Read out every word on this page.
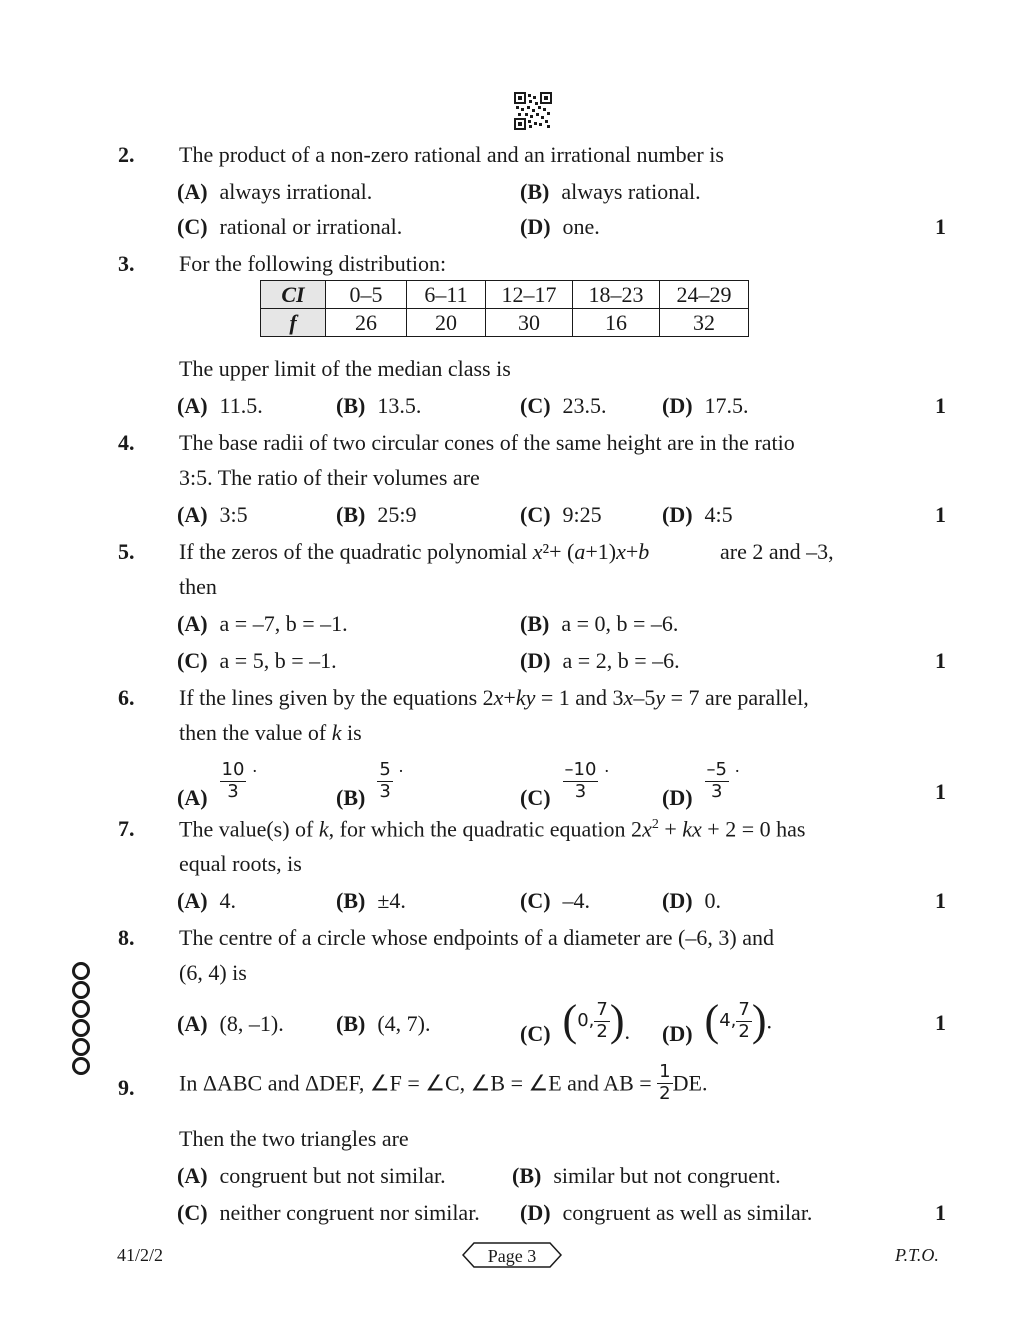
2. The product of a non-zero rational and an irrational number is
(A) always irrational.	(B) always rational.
(C) rational or irrational.	(D) one.	1
3. For the following distribution:
CI	0–5	6–11	12–17	18–23	24–29
f	26	20	30	16	32
The upper limit of the median class is
(A) 11.5.	(B) 13.5.	(C) 23.5.	(D) 17.5.	1
4. The base radii of two circular cones of the same height are in the ratio
3:5. The ratio of their volumes are
(A) 3:5	(B) 25:9	(C) 9:25	(D) 4:5	1
5. If the zeros of the quadratic polynomial x²+ (a+1)x+b	are 2 and –3,
then
(A) a = –7, b = –1.	(B) a = 0, b = –6.
(C) a = 5, b = –1.	(D) a = 2, b = –6.	1
6. If the lines given by the equations 2x+ky = 1 and 3x–5y = 7 are parallel,
then the value of k is
$(A) \frac{10}{3} ^.$
$(B) \frac{5}{3} ^.$
$(C) \frac{-10}{3} ^.$
$(D) \frac{-5}{3} ^.$
1
7. The value(s) of k, for which the quadratic equation $2x^2$ + kx + 2 = 0 has
equal roots, is
(A) 4.	(B) ±4.	(C) –4.	(D) 0.	1
8. The centre of a circle whose endpoints of a diameter are (–6, 3) and
(6, 4) is
(A) (8, –1). (B) (4, 7).	(C) (0, $\frac{7}{2}$ ). (D) (4, $\frac{7}{2}$ ).	1
9. In ΔABC and ΔDEF, ∠F = ∠C, ∠B = ∠E and AB = $\frac{1}{2}$ DE.
Then the two triangles are
(A) congruent but not similar.	(B) similar but not congruent.
(C) neither congruent nor similar. (D) congruent as well as similar.	1
41/2/2	Page 3	P.T.O.
